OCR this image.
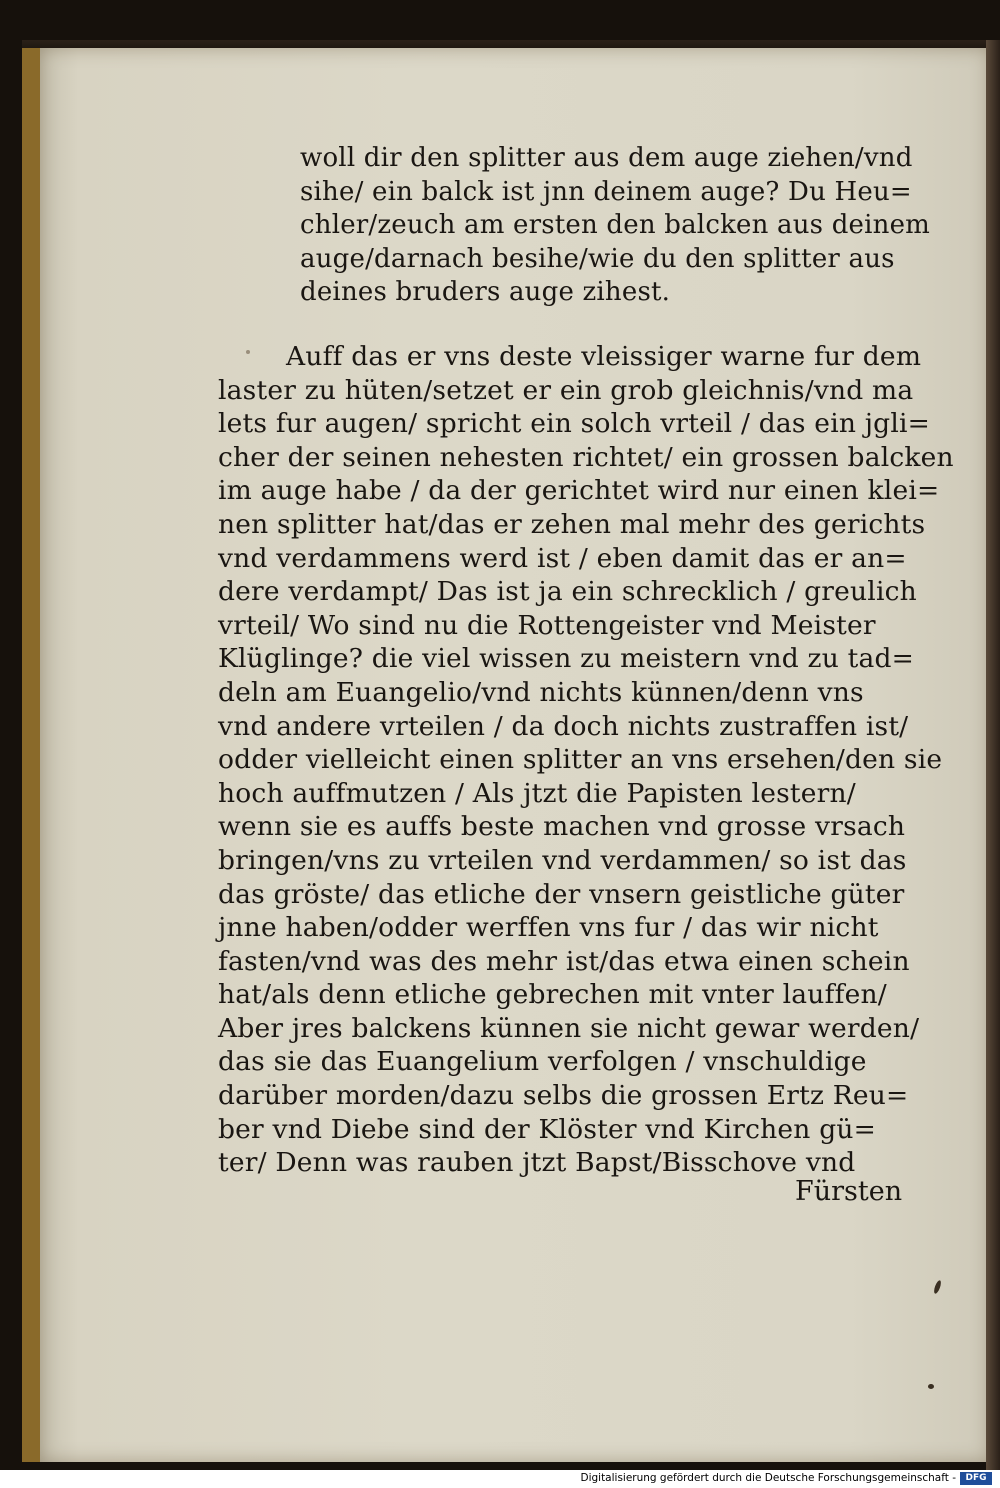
woll dir den splitter aus dem auge ziehen/vnd
sihe/ ein balck ist jnn deinem auge? Du Heu=
chler/zeuch am ersten den balcken aus deinem
auge/darnach besihe/wie du den splitter aus
deines bruders auge zihest.
Auff das er vns deste vleissiger warne fur dem
laster zu hüten/setzet er ein grob gleichnis/vnd ma
lets fur augen/ spricht ein solch vrteil / das ein jgli=
cher der seinen nehesten richtet/ ein grossen balcken
im auge habe / da der gerichtet wird nur einen klei=
nen splitter hat/das er zehen mal mehr des gerichts
vnd verdammens werd ist / eben damit das er an=
dere verdampt/ Das ist ja ein schrecklich / greulich
vrteil/ Wo sind nu die Rottengeister vnd Meister
Klüglinge? die viel wissen zu meistern vnd zu tad=
deln am Euangelio/vnd nichts künnen/denn vns
vnd andere vrteilen / da doch nichts zustraffen ist/
odder vielleicht einen splitter an vns ersehen/den sie
hoch auffmutzen / Als jtzt die Papisten lestern/
wenn sie es auffs beste machen vnd grosse vrsach
bringen/vns zu vrteilen vnd verdammen/ so ist das
das gröste/ das etliche der vnsern geistliche güter
jnne haben/odder werffen vns fur / das wir nicht
fasten/vnd was des mehr ist/das etwa einen schein
hat/als denn etliche gebrechen mit vnter lauffen/
Aber jres balckens künnen sie nicht gewar werden/
das sie das Euangelium verfolgen / vnschuldige
darüber morden/dazu selbs die grossen Ertz Reu=
ber vnd Diebe sind der Klöster vnd Kirchen gü=
ter/ Denn was rauben jtzt Bapst/Bisschove vnd
Fürsten
Digitalisierung gefördert durch die Deutsche Forschungsgemeinschaft -	DFG
